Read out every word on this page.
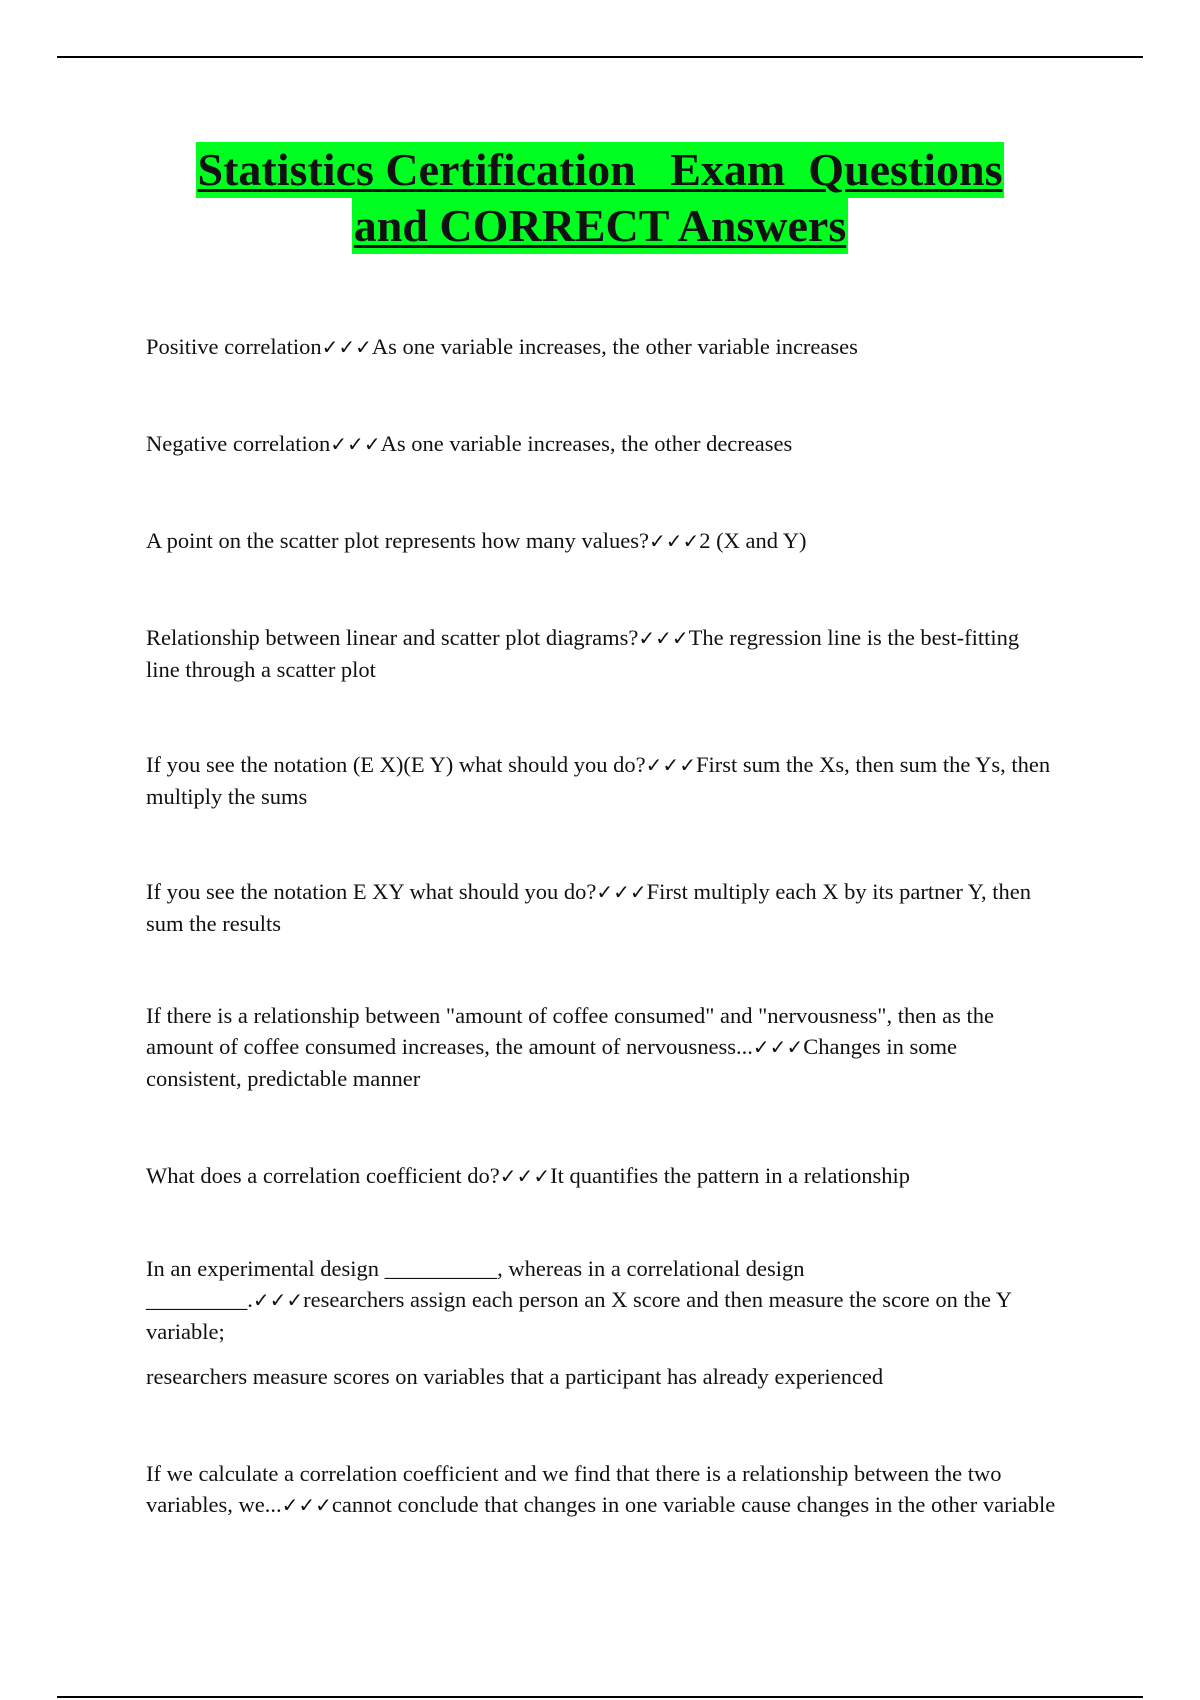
Statistics Certification   Exam  Questions
and CORRECT Answers

Positive correlation✓✓✓As one variable increases, the other variable increases

Negative correlation✓✓✓As one variable increases, the other decreases

A point on the scatter plot represents how many values?✓✓✓2 (X and Y)

Relationship between linear and scatter plot diagrams?✓✓✓The regression line is the best-fitting line through a scatter plot

If you see the notation (E X)(E Y) what should you do?✓✓✓First sum the Xs, then sum the Ys, then multiply the sums

If you see the notation E XY what should you do?✓✓✓First multiply each X by its partner Y, then sum the results

If there is a relationship between "amount of coffee consumed" and "nervousness", then as the amount of coffee consumed increases, the amount of nervousness...✓✓✓Changes in some consistent, predictable manner

What does a correlation coefficient do?✓✓✓It quantifies the pattern in a relationship

In an experimental design __________, whereas in a correlational design _________.✓✓✓researchers assign each person an X score and then measure the score on the Y variable;

researchers measure scores on variables that a participant has already experienced

If we calculate a correlation coefficient and we find that there is a relationship between the two variables, we...✓✓✓cannot conclude that changes in one variable cause changes in the other variable
